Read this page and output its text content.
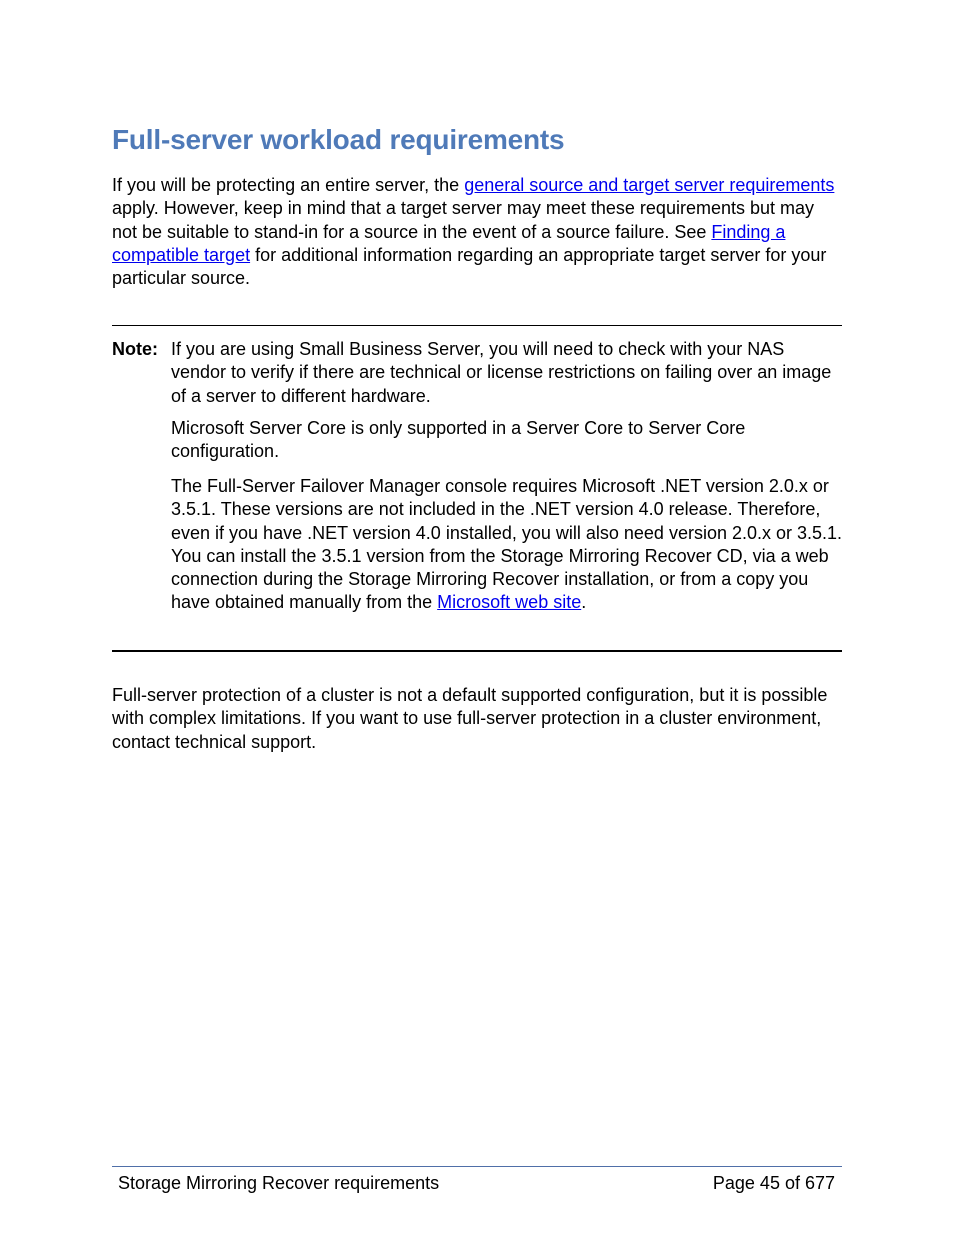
Full-server workload requirements

If you will be protecting an entire server, the general source and target server requirements apply. However, keep in mind that a target server may meet these requirements but may not be suitable to stand-in for a source in the event of a source failure. See Finding a compatible target for additional information regarding an appropriate target server for your particular source.

Note: If you are using Small Business Server, you will need to check with your NAS vendor to verify if there are technical or license restrictions on failing over an image of a server to different hardware.

Microsoft Server Core is only supported in a Server Core to Server Core configuration.

The Full-Server Failover Manager console requires Microsoft .NET version 2.0.x or 3.5.1. These versions are not included in the .NET version 4.0 release. Therefore, even if you have .NET version 4.0 installed, you will also need version 2.0.x or 3.5.1. You can install the 3.5.1 version from the Storage Mirroring Recover CD, via a web connection during the Storage Mirroring Recover installation, or from a copy you have obtained manually from the Microsoft web site.

Full-server protection of a cluster is not a default supported configuration, but it is possible with complex limitations. If you want to use full-server protection in a cluster environment, contact technical support.

Storage Mirroring Recover requirements	Page 45 of 677
